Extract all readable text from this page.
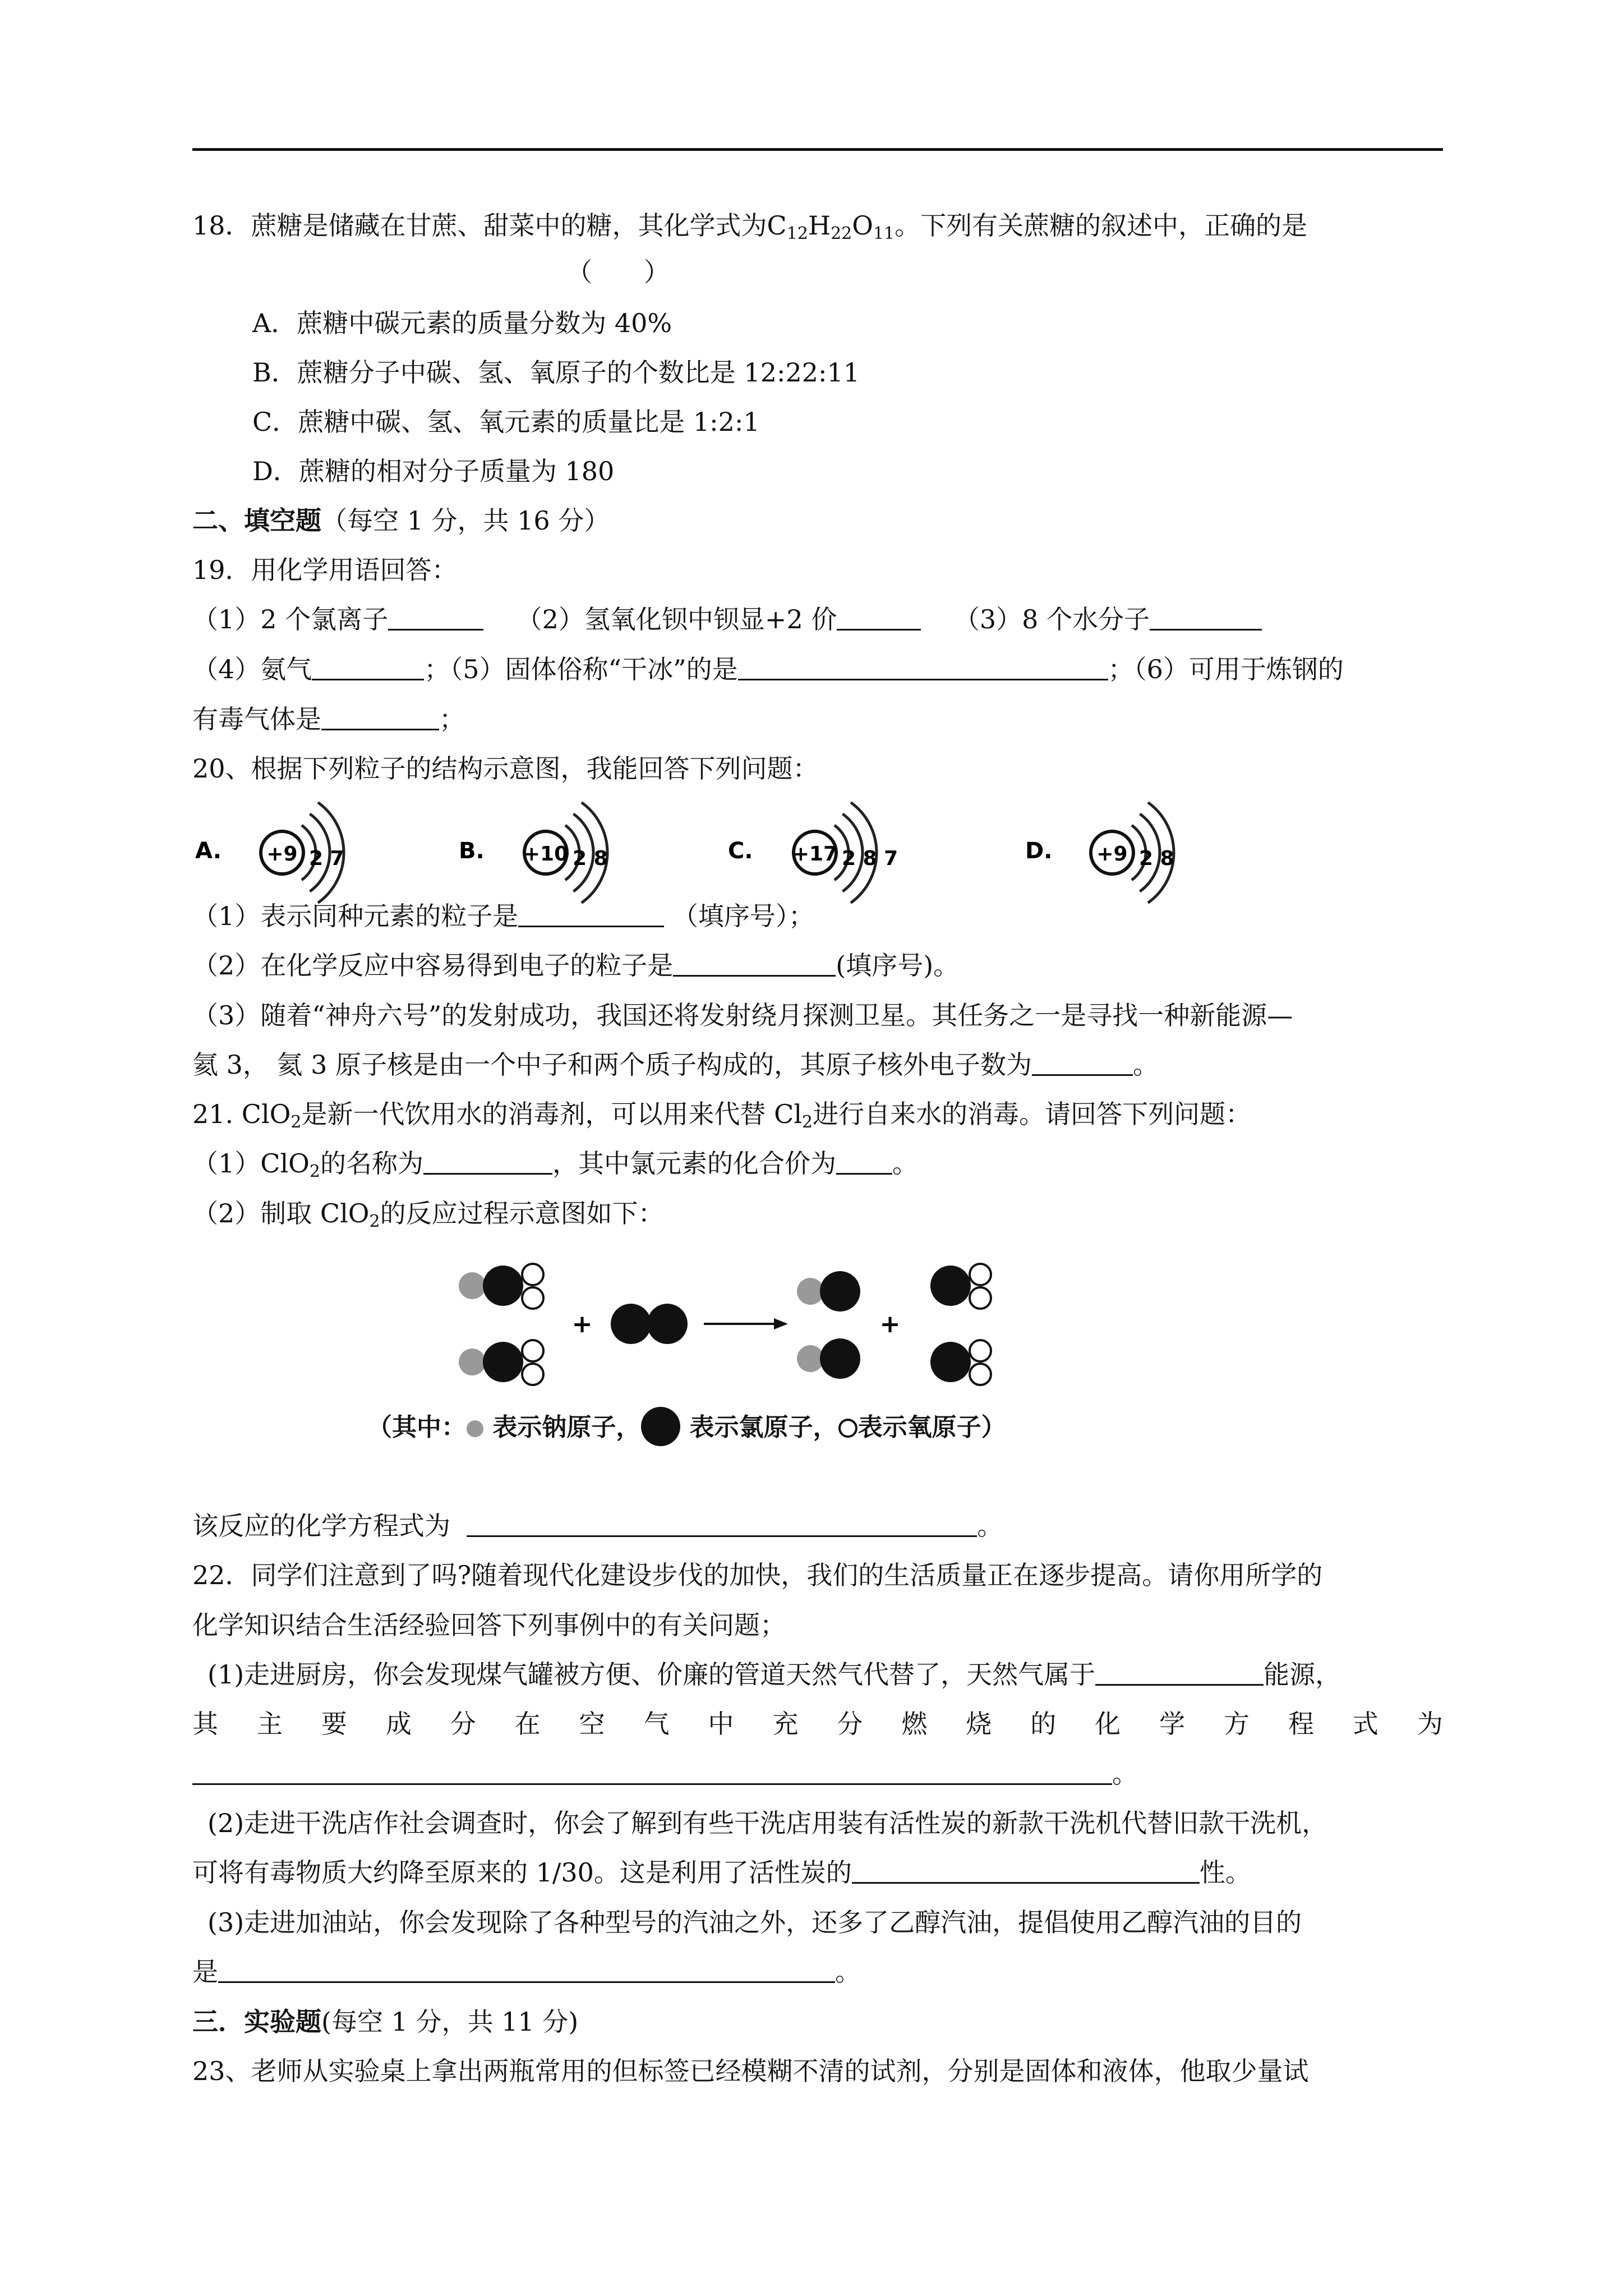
18．蔗糖是储藏在甘蔗、甜菜中的糖，其化学式为$C_{12}H_{22}O_{11}$。下列有关蔗糖的叙述中，正确的是
（　　）
A．蔗糖中碳元素的质量分数为 40%
B．蔗糖分子中碳、氢、氧原子的个数比是 12:22:11
C．蔗糖中碳、氢、氧元素的质量比是 1:2:1
D．蔗糖的相对分子质量为 180
二、填空题（每空 1 分，共 16 分）
19．用化学用语回答：
（1）2 个氯离子	（2）氢氧化钡中钡显+2 价	（3）8 个水分子
（4）氨气	；（5）固体俗称“干冰”的是	；（6）可用于炼钢的
有毒气体是	；
20、根据下列粒子的结构示意图，我能回答下列问题：
A. +9 2 7	B. +10 2 8	C. +17 2 8 7	D. +9 2 8
（1）表示同种元素的粒子是	（填序号）；
（2）在化学反应中容易得到电子的粒子是	(填序号)。
（3）随着“神舟六号”的发射成功，我国还将发射绕月探测卫星。其任务之一是寻找一种新能源—
氦 3， 氦 3 原子核是由一个中子和两个质子构成的，其原子核外电子数为	。
21. ClO$_2$是新一代饮用水的消毒剂，可以用来代替 $Cl_2$进行自来水的消毒。请回答下列问题：
（1）ClO$_2$的名称为	，其中氯元素的化合价为 。
（2）制取 ClO$_2$的反应过程示意图如下：
+	+
（其中： 表示钠原子， 表示氯原子， 表示氧原子）
该反应的化学方程式为	。
22．同学们注意到了吗?随着现代化建设步伐的加快，我们的生活质量正在逐步提高。请你用所学的
化学知识结合生活经验回答下列事例中的有关问题；
(1)走进厨房，你会发现煤气罐被方便、价廉的管道天然气代替了，天然气属于	能源，
其 主 要 成 分 在 空 气 中 充 分 燃 烧 的 化 学 方 程 式 为
。
(2)走进干洗店作社会调查时，你会了解到有些干洗店用装有活性炭的新款干洗机代替旧款干洗机，
可将有毒物质大约降至原来的 1/30。这是利用了活性炭的	性。
(3)走进加油站，你会发现除了各种型号的汽油之外，还多了乙醇汽油，提倡使用乙醇汽油的目的
是	。
三．实验题(每空 1 分，共 11 分)
23、老师从实验桌上拿出两瓶常用的但标签已经模糊不清的试剂，分别是固体和液体，他取少量试
